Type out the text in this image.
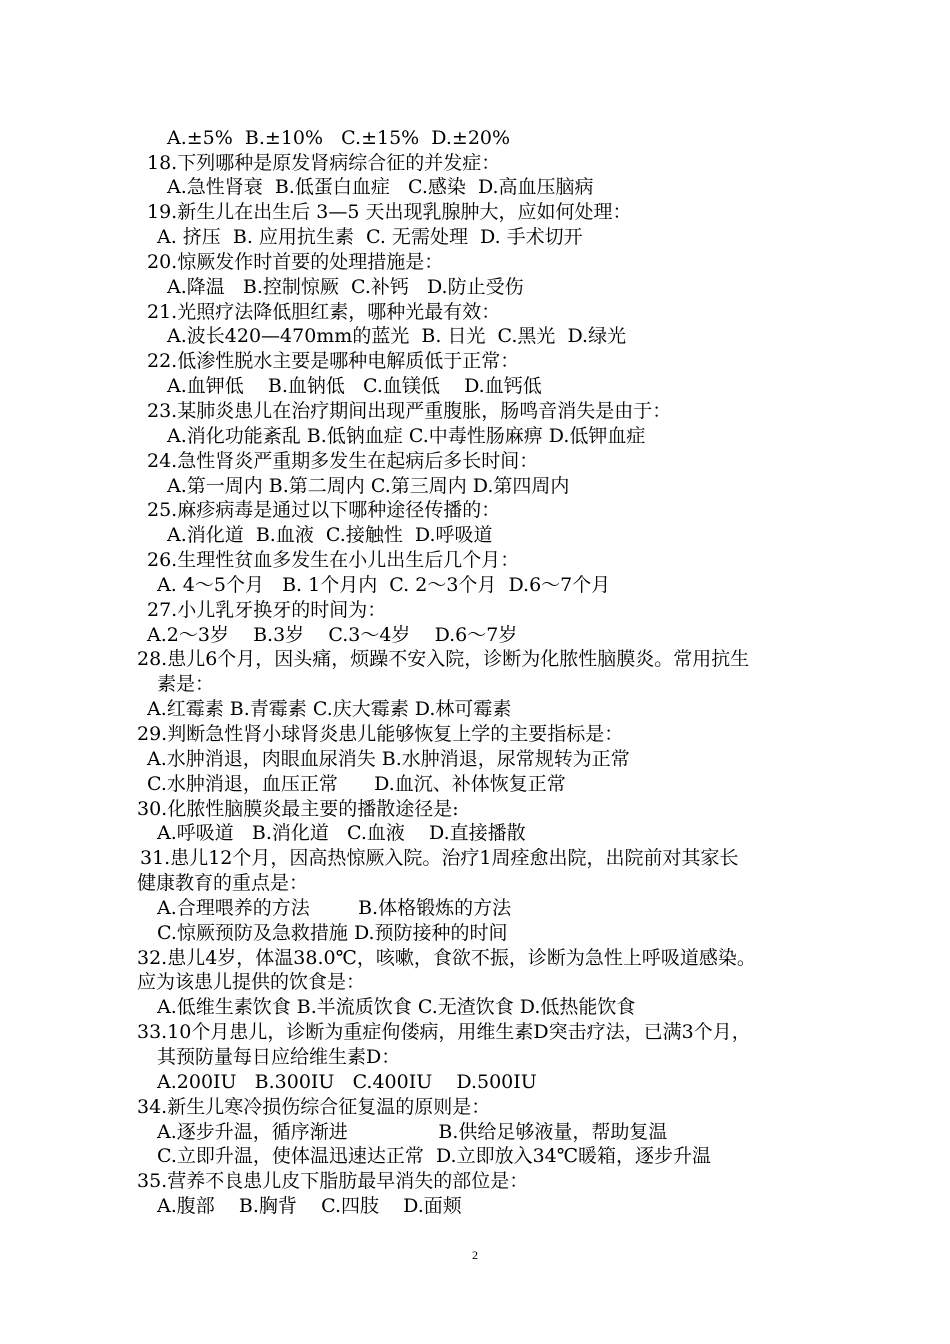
A.±5%  B.±10%   C.±15%  D.±20%
18.下列哪种是原发肾病综合征的并发症：
A.急性肾衰  B.低蛋白血症   C.感染  D.高血压脑病
19.新生儿在出生后 3—5 天出现乳腺肿大，应如何处理：
A. 挤压  B. 应用抗生素  C. 无需处理  D. 手术切开
20.惊厥发作时首要的处理措施是：
A.降温   B.控制惊厥  C.补钙   D.防止受伤
21.光照疗法降低胆红素，哪种光最有效：
A.波长420—470mm的蓝光  B. 日光  C.黑光  D.绿光
22.低渗性脱水主要是哪种电解质低于正常：
A.血钾低    B.血钠低   C.血镁低    D.血钙低
23.某肺炎患儿在治疗期间出现严重腹胀，肠鸣音消失是由于：
A.消化功能紊乱 B.低钠血症 C.中毒性肠麻痹 D.低钾血症
24.急性肾炎严重期多发生在起病后多长时间：
A.第一周内 B.第二周内 C.第三周内 D.第四周内
25.麻疹病毒是通过以下哪种途径传播的：
A.消化道  B.血液  C.接触性  D.呼吸道
26.生理性贫血多发生在小儿出生后几个月：
A. 4～5个月   B. 1个月内  C. 2～3个月  D.6～7个月
27.小儿乳牙换牙的时间为：
A.2～3岁    B.3岁    C.3～4岁    D.6～7岁
28.患儿6个月，因头痛，烦躁不安入院，诊断为化脓性脑膜炎。常用抗生
素是：
A.红霉素 B.青霉素 C.庆大霉素 D.林可霉素
29.判断急性肾小球肾炎患儿能够恢复上学的主要指标是：
A.水肿消退，肉眼血尿消失 B.水肿消退，尿常规转为正常
C.水肿消退，血压正常      D.血沉、补体恢复正常
30.化脓性脑膜炎最主要的播散途径是:
A.呼吸道   B.消化道   C.血液    D.直接播散
31.患儿12个月，因高热惊厥入院。治疗1周痊愈出院，出院前对其家长
健康教育的重点是：
A.合理喂养的方法        B.体格锻炼的方法
C.惊厥预防及急救措施 D.预防接种的时间
32.患儿4岁，体温38.0℃，咳嗽，食欲不振，诊断为急性上呼吸道感染。
应为该患儿提供的饮食是：
A.低维生素饮食 B.半流质饮食 C.无渣饮食 D.低热能饮食
33.10个月患儿，诊断为重症佝偻病，用维生素D突击疗法，已满3个月，
其预防量每日应给维生素D：
A.200IU   B.300IU   C.400IU    D.500IU
34.新生儿寒冷损伤综合征复温的原则是：
A.逐步升温，循序渐进               B.供给足够液量，帮助复温
C.立即升温，使体温迅速达正常  D.立即放入34℃暖箱，逐步升温
35.营养不良患儿皮下脂肪最早消失的部位是：
A.腹部    B.胸背    C.四肢    D.面颊
2
